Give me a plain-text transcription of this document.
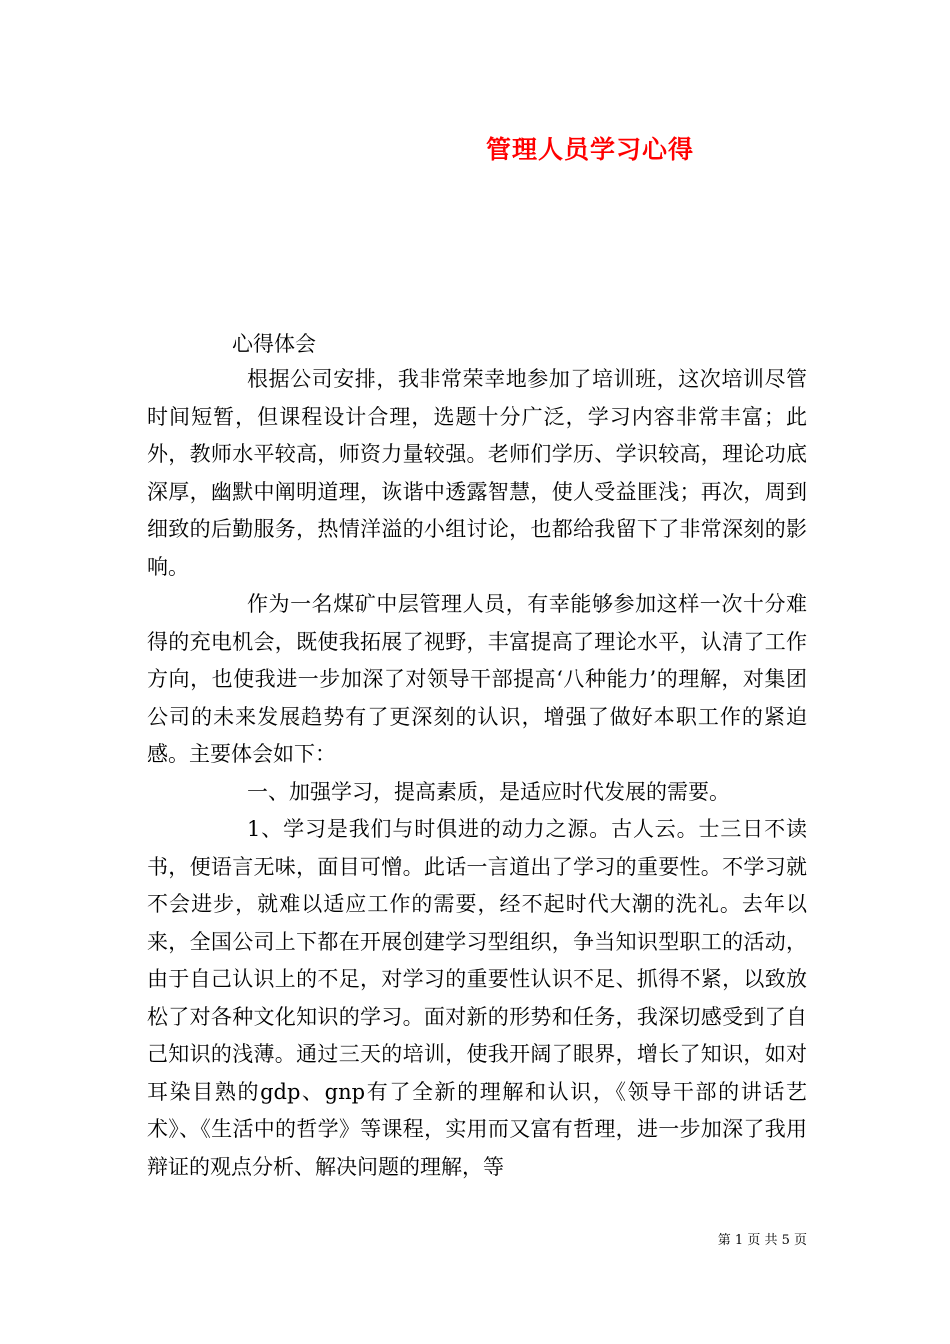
管理人员学习心得
心得体会

根据公司安排，我非常荣幸地参加了培训班，这次培训尽管时间短暂，但课程设计合理，选题十分广泛，学习内容非常丰富；此外，教师水平较高，师资力量较强。老师们学历、学识较高，理论功底深厚，幽默中阐明道理，诙谐中透露智慧，使人受益匪浅；再次，周到细致的后勤服务，热情洋溢的小组讨论，也都给我留下了非常深刻的影响。

作为一名煤矿中层管理人员，有幸能够参加这样一次十分难得的充电机会，既使我拓展了视野，丰富提高了理论水平，认清了工作方向，也使我进一步加深了对领导干部提高‘八种能力’的理解，对集团公司的未来发展趋势有了更深刻的认识，增强了做好本职工作的紧迫感。主要体会如下：

一、加强学习，提高素质，是适应时代发展的需要。

1、学习是我们与时俱进的动力之源。古人云。士三日不读书，便语言无味，面目可憎。此话一言道出了学习的重要性。不学习就不会进步，就难以适应工作的需要，经不起时代大潮的洗礼。去年以来，全国公司上下都在开展创建学习型组织，争当知识型职工的活动，由于自己认识上的不足，对学习的重要性认识不足、抓得不紧，以致放松了对各种文化知识的学习。面对新的形势和任务，我深切感受到了自己知识的浅薄。通过三天的培训，使我开阔了眼界，增长了知识，如对耳染目熟的gdp、gnp有了全新的理解和认识，《领导干部的讲话艺术》、《生活中的哲学》等课程，实用而又富有哲理，进一步加深了我用辩证的观点分析、解决问题的理解，等

第 1 页 共 5 页
